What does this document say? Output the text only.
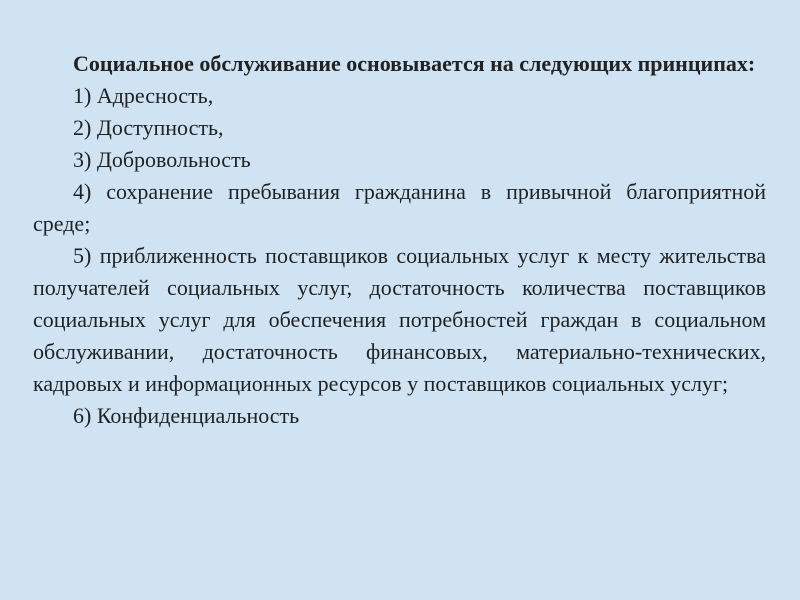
Социальное обслуживание основывается на следующих принципах:

1) Адресность,

2) Доступность,

3) Добровольность

4) сохранение пребывания гражданина в привычной благоприятной среде;

5) приближенность поставщиков социальных услуг к месту жительства получателей социальных услуг, достаточность количества поставщиков социальных услуг для обеспечения потребностей граждан в социальном обслуживании, достаточность финансовых, материально-технических, кадровых и информационных ресурсов у поставщиков социальных услуг;

6) Конфиденциальность
